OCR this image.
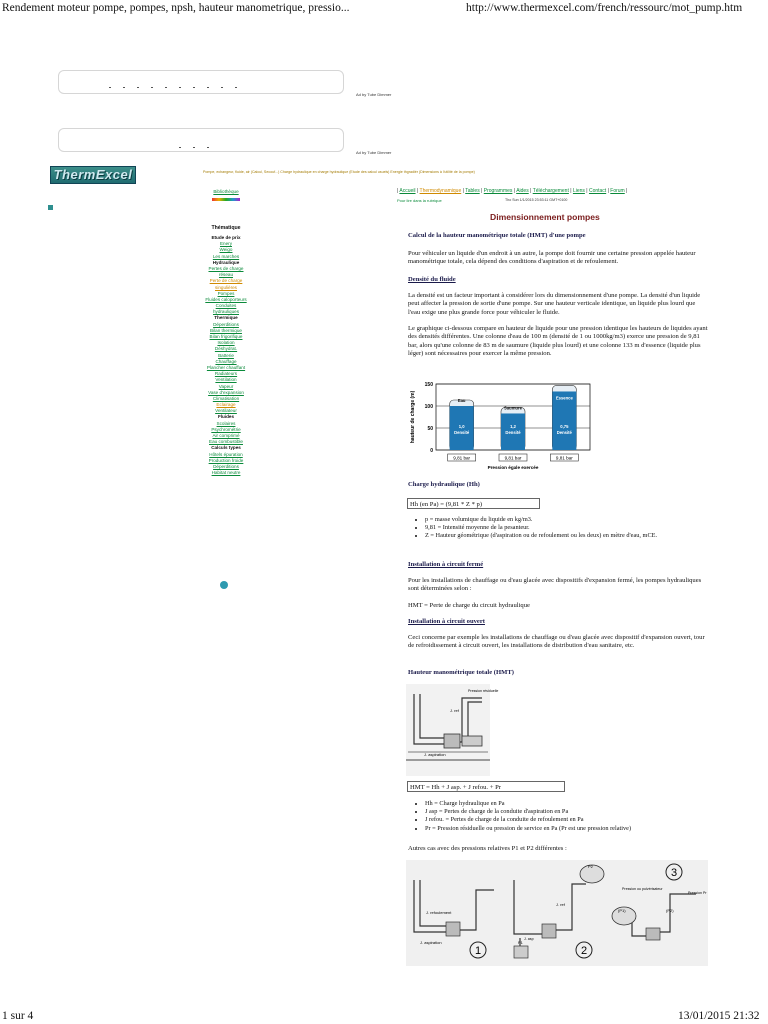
Rendement moteur pompe, pompes, npsh, hauteur manometrique, pressio...	http://www.thermexcel.com/french/ressourc/mot_pump.htm
1 sur 4	13/01/2015 21:32
Ad by Tube Dimmer
Ad by Tube Dimmer
ThermExcel	Pompe, echangeur, fluide, air (Calcul, Secouf...) Charge hydraulique en charge hydraulique (Etude des calcul usuels) Energie thgradiér (Dimensions à l'utilité de la pompe)
Bibliothèque
Thématique
Etude de prix
Enery
Weigo
Les marches
Hydraulique
Pertes de charge
réseau
Perte de charge
singulières
Pompes
Fluides caloporteurs
Conduites
hydrauliques
Thermique
Déperditions
Bilan thermique
Bilan frigorifique
Isolation
Déshydrat.
Batterie
Chauffage
Plancher chauffant
Radiateurs
Ventilation
Vapeur
Vase d'expansion
Climatisation
Eclairage
Ventilateur
Fluides
Scolaires
Psychrométrie
Air comprimé
Eau combustible
Calculs types
Hôtels épuration
Production froide
Déperditions
Habitat neutre
| Accueil | Thermodynamique | Tables | Programmes | Aides | Téléchargement | Liens | Contact | Forum |
Pour lire dans la rubrique	Tho Sun 1/1/2015 23:53:11 GMT+0100
Dimensionnement pompes
Calcul de la hauteur manométrique totale (HMT) d'une pompe

Pour véhiculer un liquide d'un endroit à un autre, la pompe doit fournir une certaine pression appelée hauteur manométrique totale, cela dépend des conditions d'aspiration et de refoulement.

Densité du fluide

La densité est un facteur important à considérer lors du dimensionnement d'une pompe. La densité d'un liquide peut affecter la pression de sortie d'une pompe. Sur une hauteur verticale identique, un liquide plus lourd que l'eau exige une plus grande force pour véhiculer le fluide.

Le graphique ci-dessous compare en hauteur de liquide pour une pression identique les hauteurs de liquides ayant des densités différentes. Une colonne d'eau de 100 m (densité de 1 ou 1000kg/m3) exerce une pression de 9,81 bar, alors qu'une colonne de 83 m de saumure (liquide plus lourd) et une colonne 133 m d'essence (liquide plus léger) sont nécessaires pour exercer la même pression.

0
50
100
150
hauteur de charge (m)	Eau
1,0
Densité
9,81 bar
Saumure
1,2
Densité
9,81 bar
Essence
0,75
Densité
9,81 bar
Pression égale exercée
Charge hydraulique (Hh)
Hh (en Pa) = (9,81 * Z * p)
• p = masse volumique du liquide en kg/m3.
• 9,81 = Intensité moyenne de la pesanteur.
• Z = Hauteur géométrique (d'aspiration ou de refoulement ou les deux) en mètre d'eau, mCE.
Installation à circuit fermé

Pour les installations de chauffage ou d'eau glacée avec dispositifs d'expansion fermé, les pompes hydrauliques sont déterminées selon :

HMT = Perte de charge du circuit hydraulique

Installation à circuit ouvert

Ceci concerne par exemple les installations de chauffage ou d'eau glacée avec dispositif d'expansion ouvert, tour de refroidissement à circuit ouvert, les installations de distribution d'eau sanitaire, etc.

Hauteur manométrique totale (HMT)
Pression résiduelle
J. ref
J. aspiration
HMT = Hh + J asp. + J refou. + Pr
• Hh = Charge hydraulique en Pa
• J asp = Pertes de charge de la conduite d'aspiration en Pa
• J refou. = Pertes de charge de la conduite de refoulement en Pa
• Pr = Pression résiduelle ou pression de service en Pa (Pr est une pression relative)

Autres cas avec des pressions relatives P1 et P2 différentes :

J. refoulement
J. aspiration
J. ref
J. asp
Pression ou pulvérisateur
Pression Pr
(P1)
P1
P2
(P2)
1	2
3
